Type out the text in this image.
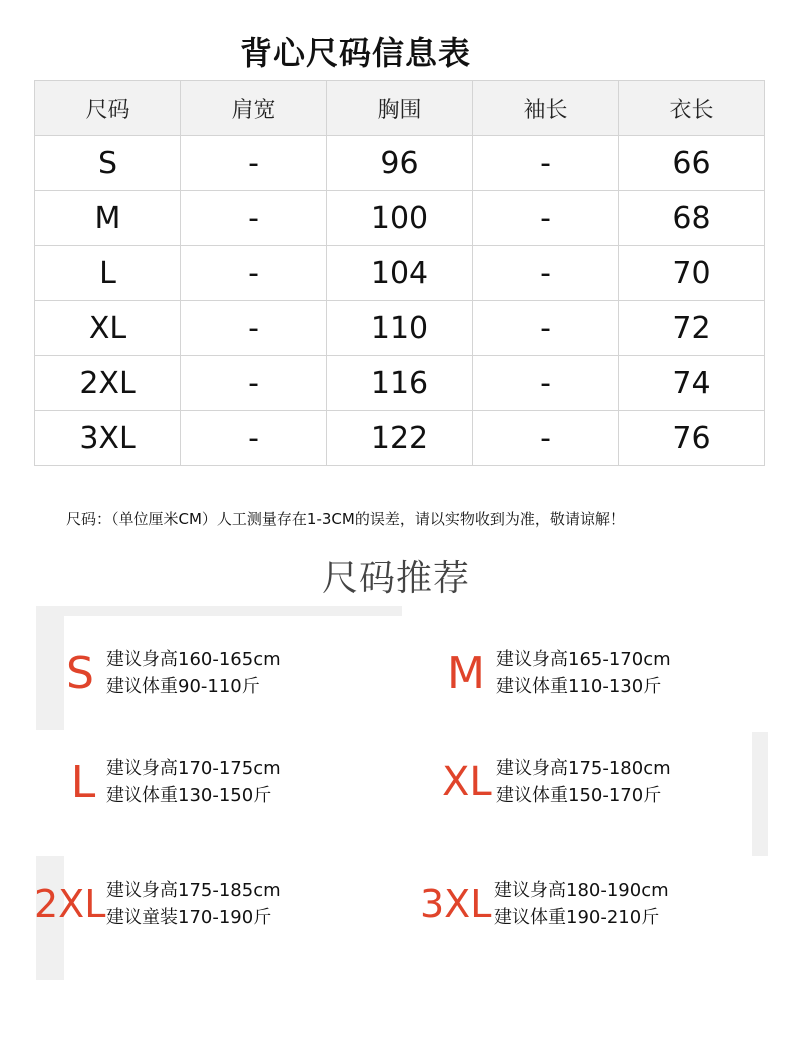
背心尺码信息表
尺码	肩宽	胸围	袖长	衣长
S	-	96	-	66
M	-	100	-	68
L	-	104	-	70
XL	-	110	-	72
2XL	-	116	-	74
3XL	-	122	-	76
尺码：（单位厘米CM）人工测量存在1-3CM的误差，请以实物收到为准，敬请谅解！
尺码推荐
S 建议身高160-165cm
建议体重90-110斤	M 建议身高165-170cm
建议体重110-130斤
L 建议身高170-175cm
建议体重130-150斤	XL 建议身高175-180cm
建议体重150-170斤
2XL 建议身高175-185cm
建议童装170-190斤	3XL 建议身高180-190cm
建议体重190-210斤
